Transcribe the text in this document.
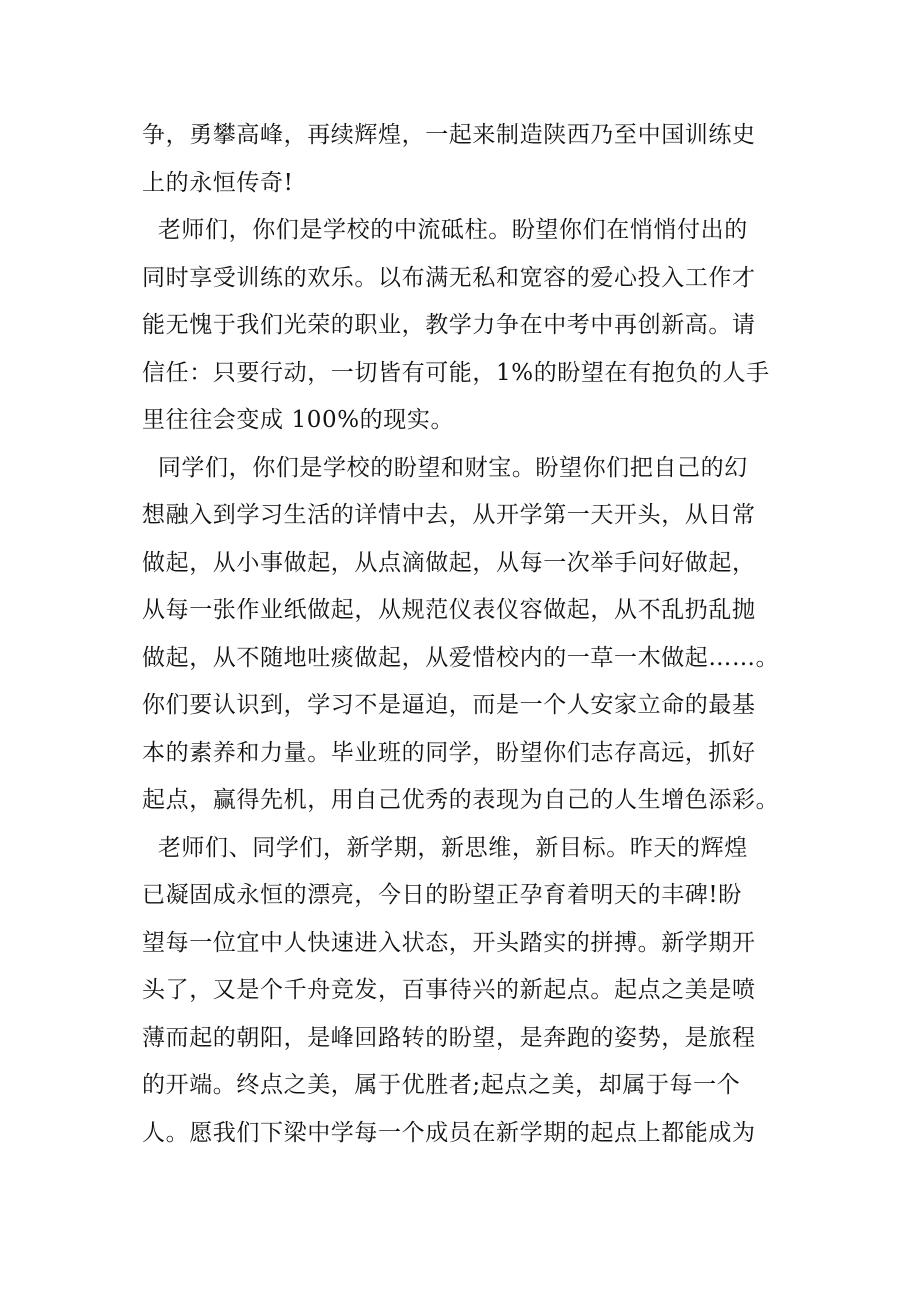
争，勇攀高峰，再续辉煌，一起来制造陕西乃至中国训练史
上的永恒传奇!
老师们，你们是学校的中流砥柱。盼望你们在悄悄付出的
同时享受训练的欢乐。以布满无私和宽容的爱心投入工作才
能无愧于我们光荣的职业，教学力争在中考中再创新高。请
信任：只要行动，一切皆有可能，1%的盼望在有抱负的人手
里往往会变成 100%的现实。
同学们，你们是学校的盼望和财宝。盼望你们把自己的幻
想融入到学习生活的详情中去，从开学第一天开头，从日常
做起，从小事做起，从点滴做起，从每一次举手问好做起，
从每一张作业纸做起，从规范仪表仪容做起，从不乱扔乱抛
做起，从不随地吐痰做起，从爱惜校内的一草一木做起……。
你们要认识到，学习不是逼迫，而是一个人安家立命的最基
本的素养和力量。毕业班的同学，盼望你们志存高远，抓好
起点，赢得先机，用自己优秀的表现为自己的人生增色添彩。
老师们、同学们，新学期，新思维，新目标。昨天的辉煌
已凝固成永恒的漂亮，今日的盼望正孕育着明天的丰碑!盼
望每一位宜中人快速进入状态，开头踏实的拼搏。新学期开
头了，又是个千舟竞发，百事待兴的新起点。起点之美是喷
薄而起的朝阳，是峰回路转的盼望，是奔跑的姿势，是旅程
的开端。终点之美，属于优胜者;起点之美，却属于每一个
人。愿我们下梁中学每一个成员在新学期的起点上都能成为
